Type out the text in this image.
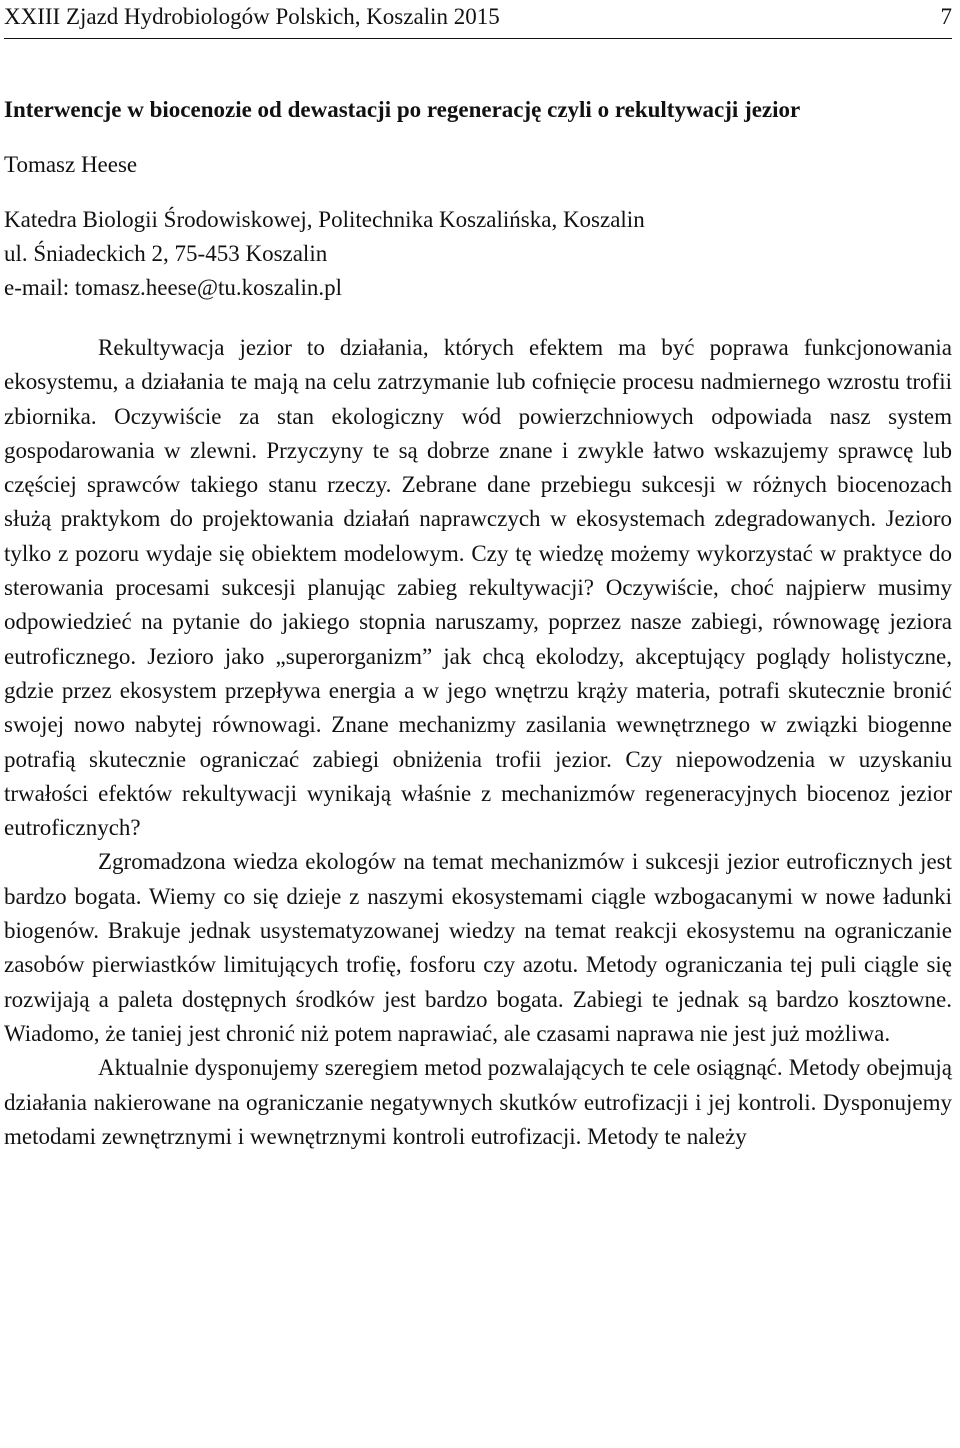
XXIII Zjazd Hydrobiologów Polskich, Koszalin 2015	7
Interwencje w biocenozie od dewastacji po regenerację czyli o rekultywacji jezior
Tomasz Heese
Katedra Biologii Środowiskowej, Politechnika Koszalińska, Koszalin
ul. Śniadeckich 2, 75-453 Koszalin
e-mail: tomasz.heese@tu.koszalin.pl

Rekultywacja jezior to działania, których efektem ma być poprawa funkcjonowania ekosystemu, a działania te mają na celu zatrzymanie lub cofnięcie procesu nadmiernego wzrostu trofii zbiornika. Oczywiście za stan ekologiczny wód powierzchniowych odpowiada nasz system gospodarowania w zlewni. Przyczyny te są dobrze znane i zwykle łatwo wskazujemy sprawcę lub częściej sprawców takiego stanu rzeczy. Zebrane dane przebiegu sukcesji w różnych biocenozach służą praktykom do projektowania działań naprawczych w ekosystemach zdegradowanych. Jezioro tylko z pozoru wydaje się obiektem modelowym. Czy tę wiedzę możemy wykorzystać w praktyce do sterowania procesami sukcesji planując zabieg rekultywacji? Oczywiście, choć najpierw musimy odpowiedzieć na pytanie do jakiego stopnia naruszamy, poprzez nasze zabiegi, równowagę jeziora eutroficznego. Jezioro jako „superorganizm” jak chcą ekolodzy, akceptujący poglądy holistyczne, gdzie przez ekosystem przepływa energia a w jego wnętrzu krąży materia, potrafi skutecznie bronić swojej nowo nabytej równowagi. Znane mechanizmy zasilania wewnętrznego w związki biogenne potrafią skutecznie ograniczać zabiegi obniżenia trofii jezior. Czy niepowodzenia w uzyskaniu trwałości efektów rekultywacji wynikają właśnie z mechanizmów regeneracyjnych biocenoz jezior eutroficznych?

Zgromadzona wiedza ekologów na temat mechanizmów i sukcesji jezior eutroficznych jest bardzo bogata. Wiemy co się dzieje z naszymi ekosystemami ciągle wzbogacanymi w nowe ładunki biogenów. Brakuje jednak usystematyzowanej wiedzy na temat reakcji ekosystemu na ograniczanie zasobów pierwiastków limitujących trofię, fosforu czy azotu. Metody ograniczania tej puli ciągle się rozwijają a paleta dostępnych środków jest bardzo bogata. Zabiegi te jednak są bardzo kosztowne. Wiadomo, że taniej jest chronić niż potem naprawiać, ale czasami naprawa nie jest już możliwa.

Aktualnie dysponujemy szeregiem metod pozwalających te cele osiągnąć. Metody obejmują działania nakierowane na ograniczanie negatywnych skutków eutrofizacji i jej kontroli. Dysponujemy metodami zewnętrznymi i wewnętrznymi kontroli eutrofizacji. Metody te należy
